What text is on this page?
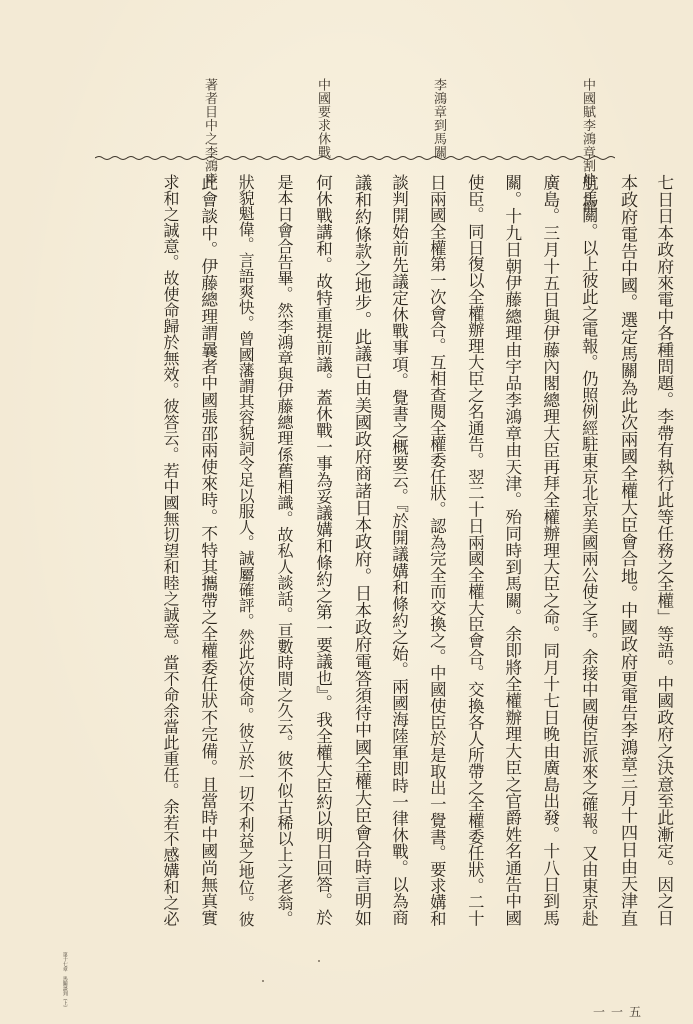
中國賦李鴻章割地之權
李鴻章到馬關
中國要求休戰
著者目中之李鴻章
七日日本政府來電中各種問題。李帶有執行此等任務之全權」等語。中國政府之決意至此漸定。因之日
本政府電告中國。選定馬關為此次兩國全權大臣會合地。中國政府更電告李鴻章三月十四日由天津直
航馬關。以上彼此之電報。仍照例經駐東京北京美國兩公使之手。余接中國使臣派來之確報。又由東京赴
廣島。三月十五日與伊藤內閣總理大臣再拜全權辦理大臣之命。同月十七日晚由廣島出發。十八日到馬
關。十九日朝伊藤總理由宇品李鴻章由天津。殆同時到馬關。余即將全權辦理大臣之官爵姓名通告中國
使臣。同日復以全權辦理大臣之名通告。翌二十日兩國全權大臣會合。交換各人所帶之全權委任狀。二十
日兩國全權第一次會合。互相查閱全權委任狀。認為完全而交換之。中國使臣於是取出一覺書。要求媾和
談判開始前先議定休戰事項。覺書之概要云。『於開議媾和條約之始。兩國海陸軍即時一律休戰。以為商
議和約條款之地步。此議已由美國政府商諸日本政府。日本政府電答須待中國全權大臣會合時言明如
何休戰講和。故特重提前議。蓋休戰一事為妥議媾和條約之第一要議也』。我全權大臣約以明日回答。於
是本日會合告畢。然李鴻章與伊藤總理係舊相識。故私人談話。亘數時間之久云。彼不似古稀以上之老翁。
狀貌魁偉。言語爽快。曾國藩謂其容貌詞令足以服人。誠屬確評。然此次使命。彼立於一切不利益之地位。彼
此會談中。伊藤總理謂曩者中國張邵兩使來時。不特其攜帶之全權委任狀不完備。且當時中國尚無真實
求和之誠意。故使命歸於無效。彼答云。若中國無切望和睦之誠意。當不命余當此重任。余若不感媾和之必
第十七章　馬關談判（上）
一一五
